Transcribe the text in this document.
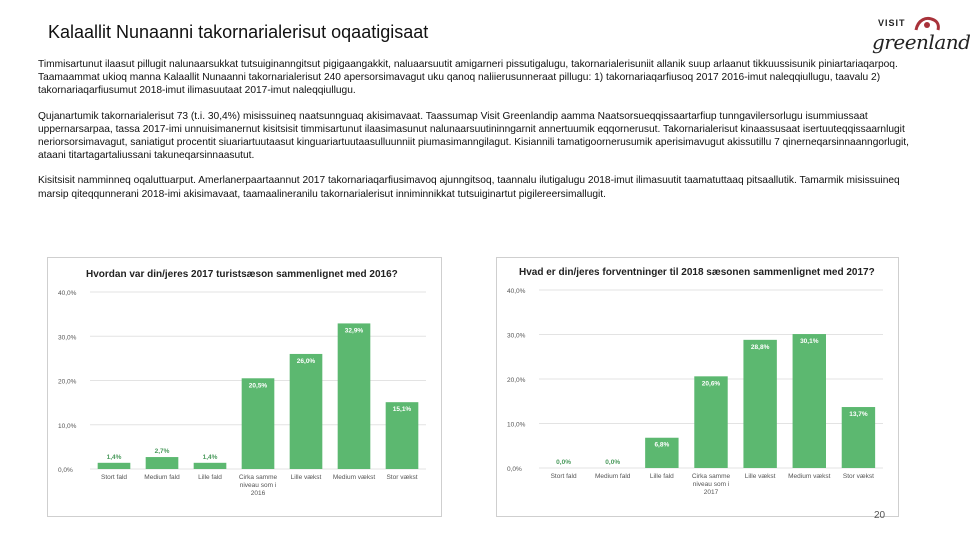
Kalaallit Nunaanni takornarialerisut oqaatigisaat	VISIT
greenland

Timmisartunut ilaasut pillugit nalunaarsukkat tutsuiginanngitsut pigigaangakkit, naluaarsuutit amigarneri pissutigalugu, takornarialerisuniit allanik suup arlaanut tikkuussisunik piniartariaqarpoq. Taamaammat ukioq manna Kalaallit Nunaanni takornarialerisut 240 apersorsimavagut uku qanoq naliierusunneraat pillugu: 1) takornariaqarfiusoq 2017 2016-imut naleqqiullugu, taavalu 2) takornariaqarfiusumut 2018-imut ilimasuutaat 2017-imut naleqqiullugu.

Qujanartumik takornarialerisut 73 (t.i. 30,4%) misissuineq naatsunnguaq akisimavaat. Taassumap Visit Greenlandip aamma Naatsorsueqqissaartarfiup tunngavilersorlugu isummiussaat uppernarsarpaa, tassa 2017-imi unnuisimanernut kisitsisit timmisartunut ilaasimasunut nalunaarsuutininngarnit annertuumik eqqornerusut. Takornarialerisut kinaassusaat isertuuteqqissaarnlugit neriorsorsimavagut, saniatigut procentit siuariartuutaasut kinguariartuutaasulluunniit piumasimanngilagut. Kisiannili tamatigoornerusumik aperisimavugut akissutillu 7 qinerneqarsinnaanngorlugit, ataani titartagartaliussani takuneqarsinnaasutut.

Kisitsisit namminneq oqaluttuarput. Amerlanerpaartaannut 2017 takornariaqarfiusimavoq ajunngitsoq, taannalu ilutigalugu 2018-imut ilimasuutit taamatuttaaq pitsaallutik. Tamarmik misissuineq marsip qiteqqunnerani 2018-imi akisimavaat, taamaalineranilu takornarialerisut inniminnikkat tutsuiginartut pigilereersimallugit.

Hvordan var din/jeres 2017 turistsæson sammenlignet med 2016?
0,0%
10,0%
20,0%
30,0%
40,0%
1,4%
Stort fald
2,7%
Medium fald
1,4%
Lille fald
20,5%
Cirka samme niveau som i 2016
26,0%
Lille vækst
32,9%
Medium vækst
15,1%
Stor vækst
Hvad er din/jeres forventninger til 2018 sæsonen sammenlignet med 2017?
0,0%
10,0%
20,0%
30,0%
40,0%
0,0%
Stort fald
0,0%
Medium fald
6,8%
Lille fald
20,6%
Cirka samme niveau som i 2017
28,8%
Lille vækst
30,1%
Medium vækst
13,7%
Stor vækst
20
